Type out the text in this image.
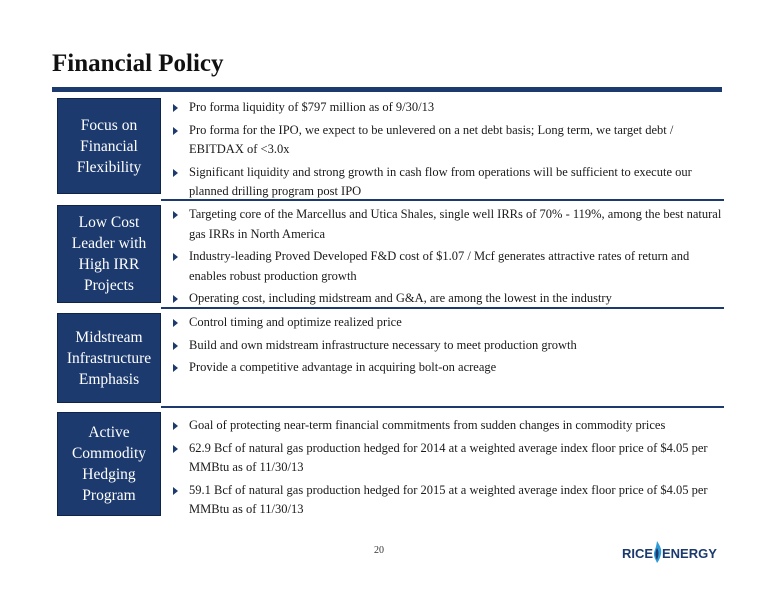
Financial Policy
Focus on
Financial
Flexibility
Pro forma liquidity of $797 million as of 9/30/13
Pro forma for the IPO, we expect to be unlevered on a net debt basis; Long term, we target debt / EBITDAX of <3.0x
Significant liquidity and strong growth in cash flow from operations will be sufficient to execute our planned drilling program post IPO
Low Cost
Leader with
High IRR
Projects
Targeting core of the Marcellus and Utica Shales, single well IRRs of 70% - 119%, among the best natural gas IRRs in North America
Industry-leading Proved Developed F&D cost of $1.07 / Mcf generates attractive rates of return and enables robust production growth
Operating cost, including midstream and G&A, are among the lowest in the industry
Midstream
Infrastructure
Emphasis
Control timing and optimize realized price
Build and own midstream infrastructure necessary to meet production growth
Provide a competitive advantage in acquiring bolt-on acreage
Active
Commodity
Hedging
Program
Goal of protecting near-term financial commitments from sudden changes in commodity prices
62.9 Bcf of natural gas production hedged for 2014 at a weighted average index floor price of $4.05 per MMBtu as of 11/30/13
59.1 Bcf of natural gas production hedged for 2015 at a weighted average index floor price of $4.05 per MMBtu as of 11/30/13
20	RICE ENERGY
